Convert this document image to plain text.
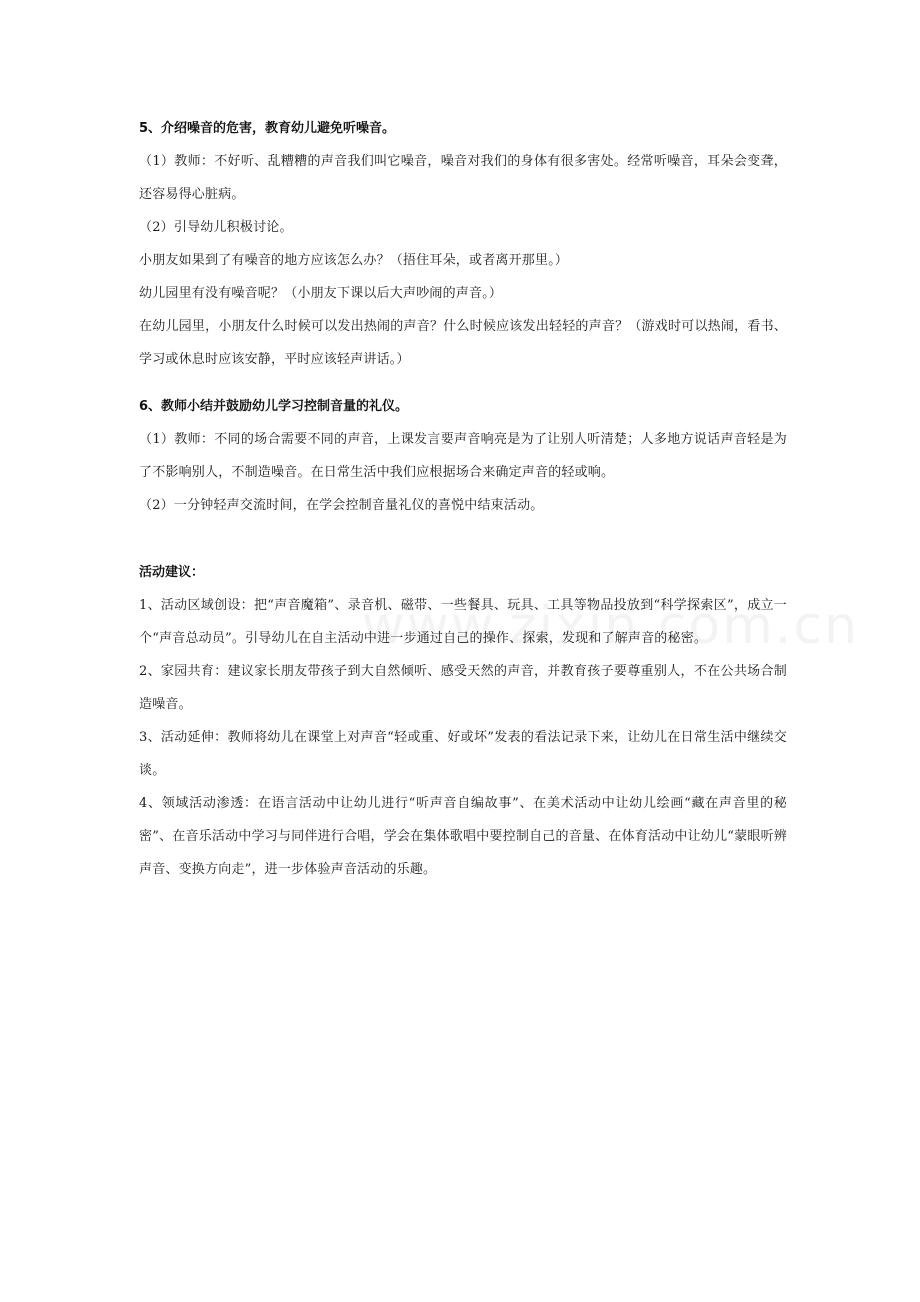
5、介绍噪音的危害，教育幼儿避免听噪音。

（1）教师：不好听、乱糟糟的声音我们叫它噪音，噪音对我们的身体有很多害处。经常听噪音，耳朵会变聋，还容易得心脏病。

（2）引导幼儿积极讨论。

小朋友如果到了有噪音的地方应该怎么办？（捂住耳朵，或者离开那里。）

幼儿园里有没有噪音呢？（小朋友下课以后大声吵闹的声音。）

在幼儿园里，小朋友什么时候可以发出热闹的声音？什么时候应该发出轻轻的声音？（游戏时可以热闹，看书、学习或休息时应该安静，平时应该轻声讲话。）

6、教师小结并鼓励幼儿学习控制音量的礼仪。

（1）教师：不同的场合需要不同的声音，上课发言要声音响亮是为了让别人听清楚；人多地方说话声音轻是为了不影响别人，不制造噪音。在日常生活中我们应根据场合来确定声音的轻或响。

（2）一分钟轻声交流时间，在学会控制音量礼仪的喜悦中结束活动。

活动建议：

1、活动区域创设：把“声音魔箱”、录音机、磁带、一些餐具、玩具、工具等物品投放到“科学探索区”，成立一个“声音总动员”。引导幼儿在自主活动中进一步通过自己的操作、探索，发现和了解声音的秘密。

2、家园共育：建议家长朋友带孩子到大自然倾听、感受天然的声音，并教育孩子要尊重别人，不在公共场合制造噪音。

3、活动延伸：教师将幼儿在课堂上对声音“轻或重、好或坏”发表的看法记录下来，让幼儿在日常生活中继续交谈。

4、领域活动渗透：在语言活动中让幼儿进行“听声音自编故事”、在美术活动中让幼儿绘画“藏在声音里的秘密”、在音乐活动中学习与同伴进行合唱，学会在集体歌唱中要控制自己的音量、在体育活动中让幼儿“蒙眼听辨声音、变换方向走”，进一步体验声音活动的乐趣。
